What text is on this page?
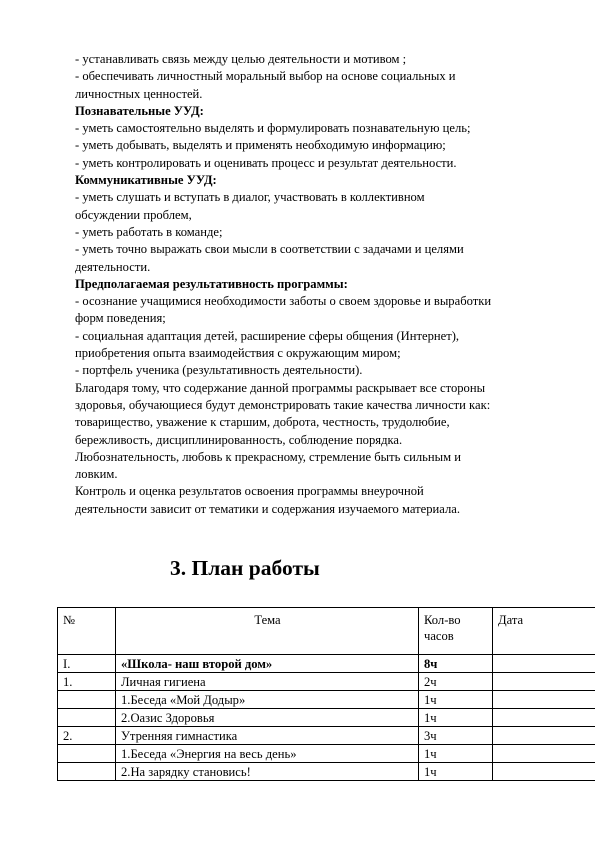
- устанавливать связь между целью деятельности и мотивом ;
- обеспечивать личностный моральный выбор на основе социальных и
личностных ценностей.
Познавательные УУД:
- уметь самостоятельно выделять и формулировать познавательную цель;
- уметь добывать, выделять и применять необходимую информацию;
- уметь контролировать и оценивать процесс и результат деятельности.
Коммуникативные УУД:
- уметь слушать и вступать в диалог, участвовать в коллективном
обсуждении проблем,
- уметь работать в команде;
- уметь точно выражать свои мысли в соответствии с задачами и целями
деятельности.
Предполагаемая результативность программы:
- осознание учащимися необходимости заботы о своем здоровье и выработки
форм поведения;
- социальная адаптация детей, расширение сферы общения (Интернет),
приобретения опыта взаимодействия с окружающим миром;
- портфель ученика (результативность деятельности).
Благодаря тому, что содержание данной программы раскрывает все стороны
здоровья, обучающиеся будут демонстрировать такие качества личности как:
товарищество, уважение к старшим, доброта, честность, трудолюбие,
бережливость, дисциплинированность, соблюдение порядка.
Любознательность, любовь к прекрасному, стремление быть сильным и
ловким.
Контроль и оценка результатов освоения программы внеурочной
деятельности зависит от тематики и содержания изучаемого материала.
3. План работы
№	Тема	Кол-во часов	Дата
I.	«Школа- наш второй дом»	8ч	
1.	Личная гигиена	2ч	
	1.Беседа «Мой Додыр»	1ч	
	2.Оазис Здоровья	1ч	
2.	Утренняя гимнастика	3ч	
	1.Беседа «Энергия на весь день»	1ч	
	2.На зарядку становись!	1ч	
